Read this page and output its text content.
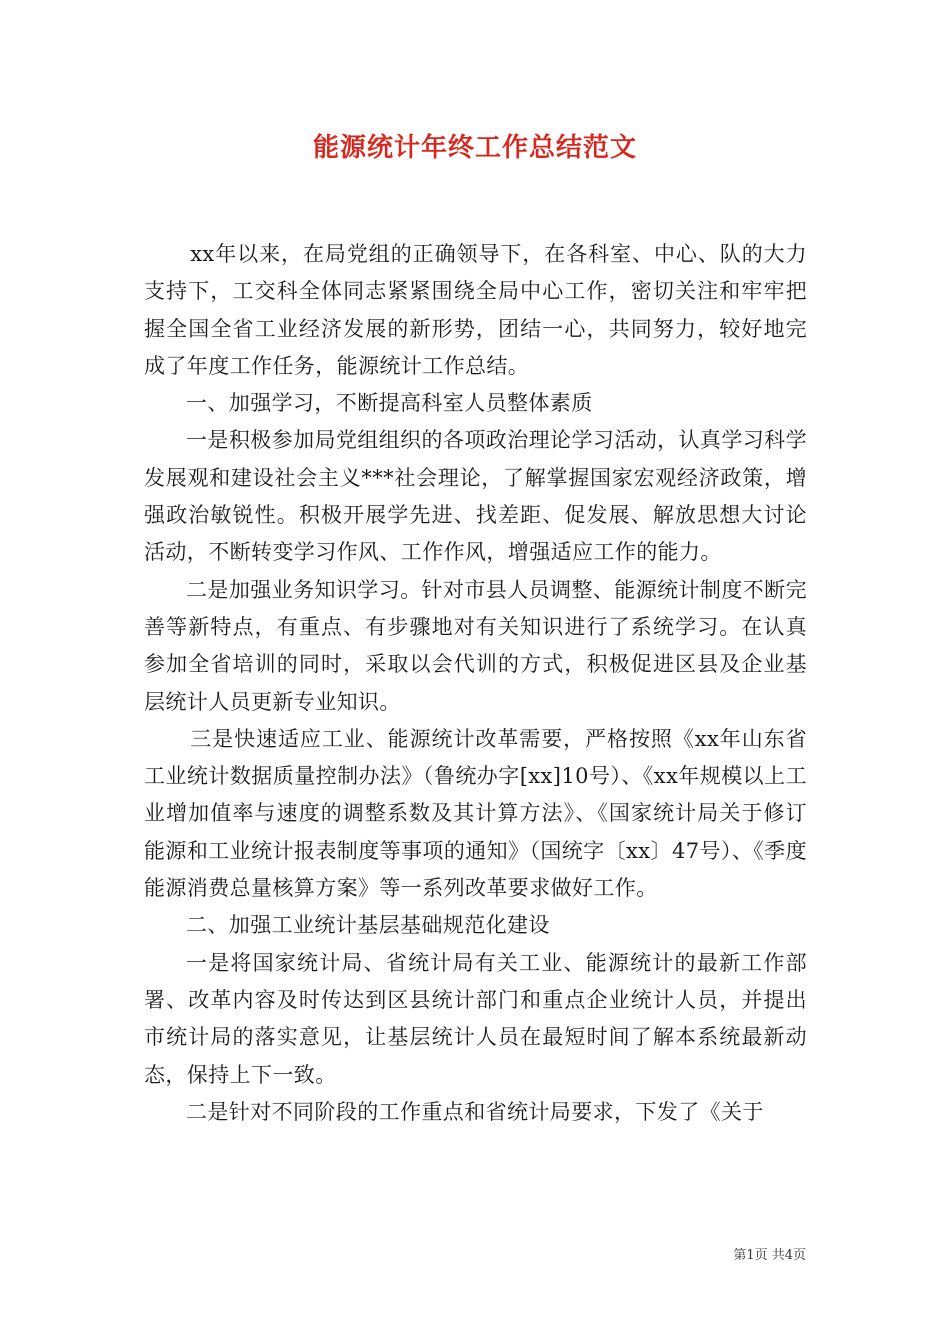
能源统计年终工作总结范文

xx年以来，在局党组的正确领导下，在各科室、中心、队的大力支持下，工交科全体同志紧紧围绕全局中心工作，密切关注和牢牢把握全国全省工业经济发展的新形势，团结一心，共同努力，较好地完成了年度工作任务，能源统计工作总结。

一、加强学习，不断提高科室人员整体素质

一是积极参加局党组组织的各项政治理论学习活动，认真学习科学发展观和建设社会主义***社会理论，了解掌握国家宏观经济政策，增强政治敏锐性。积极开展学先进、找差距、促发展、解放思想大讨论活动，不断转变学习作风、工作作风，增强适应工作的能力。

二是加强业务知识学习。针对市县人员调整、能源统计制度不断完善等新特点，有重点、有步骤地对有关知识进行了系统学习。在认真参加全省培训的同时，采取以会代训的方式，积极促进区县及企业基层统计人员更新专业知识。

三是快速适应工业、能源统计改革需要，严格按照《xx年山东省工业统计数据质量控制办法》（鲁统办字[xx]10号）、《xx年规模以上工业增加值率与速度的调整系数及其计算方法》、《国家统计局关于修订能源和工业统计报表制度等事项的通知》（国统字〔xx〕47号）、《季度能源消费总量核算方案》等一系列改革要求做好工作。

二、加强工业统计基层基础规范化建设

一是将国家统计局、省统计局有关工业、能源统计的最新工作部署、改革内容及时传达到区县统计部门和重点企业统计人员，并提出市统计局的落实意见，让基层统计人员在最短时间了解本系统最新动态，保持上下一致。

二是针对不同阶段的工作重点和省统计局要求，下发了《关于

第1页 共4页
